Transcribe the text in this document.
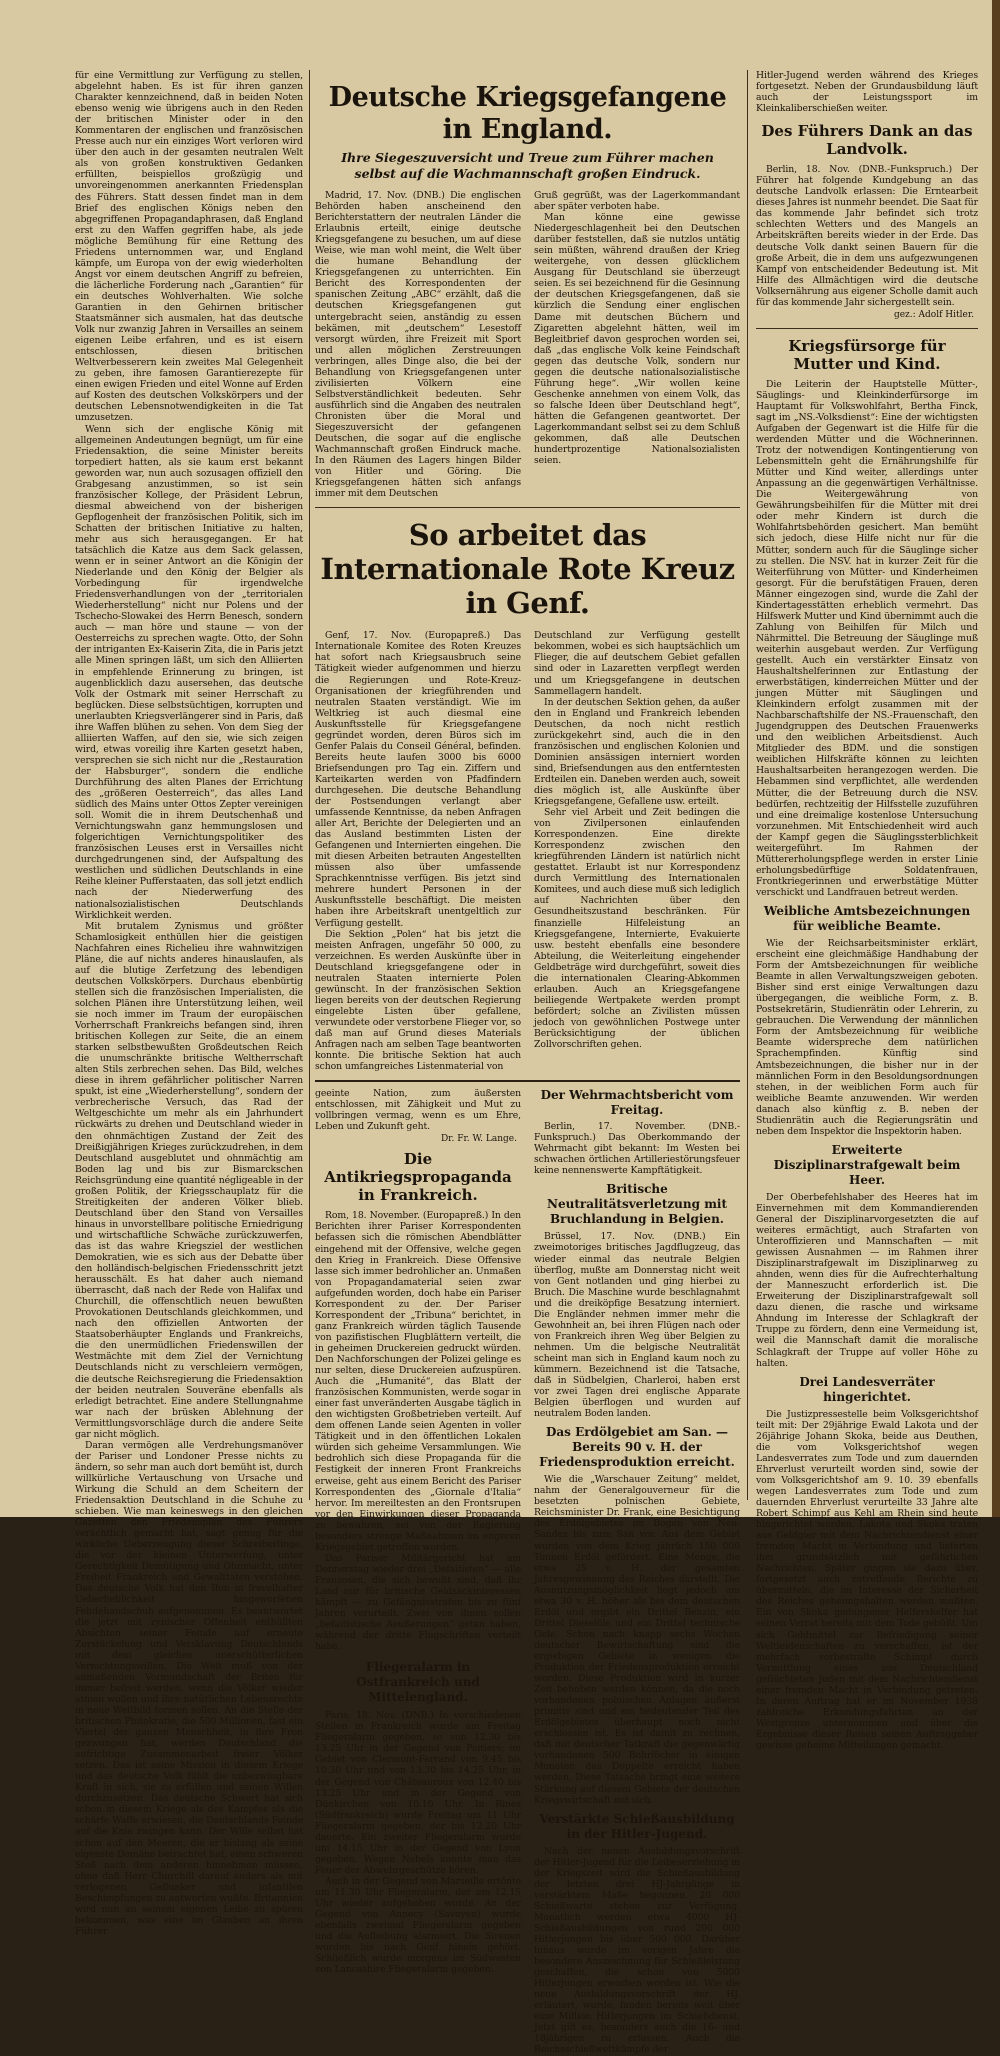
für eine Vermittlung zur Verfügung zu stellen, abgelehnt haben. Es ist für ihren ganzen Charakter kennzeichnend, daß in beiden Noten ebenso wenig wie übrigens auch in den Reden der britischen Minister oder in den Kommentaren der englischen und französischen Presse auch nur ein einziges Wort verloren wird über den auch in der gesamten neutralen Welt als von großen konstruktiven Gedanken erfüllten, beispiellos großzügig und unvoreingenommen anerkannten Friedensplan des Führers. Statt dessen findet man in dem Brief des englischen Königs neben den abgegriffenen Propagandaphrasen, daß England erst zu den Waffen gegriffen habe, als jede mögliche Bemühung für eine Rettung des Friedens unternommen war, und England kämpfe, um Europa von der ewig wiederholten Angst vor einem deutschen Angriff zu befreien, die lächerliche Forderung nach „Garantien“ für ein deutsches Wohlverhalten. Wie solche Garantien in den Gehirnen britischer Staatsmänner sich ausmalen, hat das deutsche Volk nur zwanzig Jahren in Versailles an seinem eigenen Leibe erfahren, und es ist eisern entschlossen, diesen britischen Weltverbesserern kein zweites Mal Gelegenheit zu geben, ihre famosen Garantierezepte für einen ewigen Frieden und eitel Wonne auf Erden auf Kosten des deutschen Volkskörpers und der deutschen Lebensnotwendigkeiten in die Tat umzusetzen.

Wenn sich der englische König mit allgemeinen Andeutungen begnügt, um für eine Friedensaktion, die seine Minister bereits torpediert hatten, als sie kaum erst bekannt geworden war, nun auch sozusagen offiziell den Grabgesang anzustimmen, so ist sein französischer Kollege, der Präsident Lebrun, diesmal abweichend von der bisherigen Gepflogenheit der französischen Politik, sich im Schatten der britischen Initiative zu halten, mehr aus sich herausgegangen. Er hat tatsächlich die Katze aus dem Sack gelassen, wenn er in seiner Antwort an die Königin der Niederlande und den König der Belgier als Vorbedingung für irgendwelche Friedensverhandlungen von der „territorialen Wiederherstellung“ nicht nur Polens und der Tschecho-Slowakei des Herrn Benesch, sondern auch — man höre und staune — von der Oesterreichs zu sprechen wagte. Otto, der Sohn der intriganten Ex-Kaiserin Zita, die in Paris jetzt alle Minen springen läßt, um sich den Alliierten in empfehlende Erinnerung zu bringen, ist augenblicklich dazu ausersehen, das deutsche Volk der Ostmark mit seiner Herrschaft zu beglücken. Diese selbstsüchtigen, korrupten und unerlaubten Kriegsverlängerer sind in Paris, daß ihre Waffen blühen zu sehen. Von dem Sieg der alliierten Waffen, auf den sie, wie sich zeigen wird, etwas voreilig ihre Karten gesetzt haben, versprechen sie sich nicht nur die „Restauration der Habsburger“, sondern die endliche Durchführung des alten Planes der Errichtung des „größeren Oesterreich“, das alles Land südlich des Mains unter Ottos Zepter vereinigen soll. Womit die in ihrem Deutschenhaß und Vernichtungswahn ganz hemmungslosen und folgerichtigen Vernichtungspolitiker des französischen Leuses erst in Versailles nicht durchgedrungenen sind, der Aufspaltung des westlichen und südlichen Deutschlands in eine Reihe kleiner Pufferstaaten, das soll jetzt endlich nach der Niederwerfung des nationalsozialistischen Deutschlands Wirklichkeit werden.

Mit brutalem Zynismus und größter Schamlosigkeit enthüllen hier die geistigen Nachfahren eines Richelieu ihre wahnwitzigen Pläne, die auf nichts anderes hinauslaufen, als auf die blutige Zerfetzung des lebendigen deutschen Volkskörpers. Durchaus ebenbürtig stellen sich die französischen Imperialisten, die solchen Plänen ihre Unterstützung leihen, weil sie noch immer im Traum der europäischen Vorherrschaft Frankreichs befangen sind, ihren britischen Kollegen zur Seite, die an einem starken selbstbewußten Großdeutschen Reich die unumschränkte britische Weltherrschaft alten Stils zerbrechen sehen. Das Bild, welches diese in ihrem gefährlicher politischer Narren spukt, ist eine „Wiederherstellung“, sondern der verbrecherische Versuch, das Rad der Weltgeschichte um mehr als ein Jahrhundert rückwärts zu drehen und Deutschland wieder in den ohnmächtigen Zustand der Zeit des Dreißigjährigen Krieges zurückzudrehen, in dem Deutschland ausgeblutet und ohnmächtig am Boden lag und bis zur Bismarckschen Reichsgründung eine quantité négligeable in der großen Politik, der Kriegsschauplatz für die Streitigkeiten der anderen Völker blieb. Deutschland über den Stand von Versailles hinaus in unvorstellbare politische Erniedrigung und wirtschaftliche Schwäche zurückzuwerfen, das ist das wahre Kriegsziel der westlichen Demokratien, wie es sich aus der Debatte über den holländisch-belgischen Friedensschritt jetzt herausschält. Es hat daher auch niemand überrascht, daß nach der Rede von Halifax und Churchill, die offenschtlich neuen bewußten Provokationen Deutschlands gleichkommen, und nach den offiziellen Antworten der Staatsoberhäupter Englands und Frankreichs, die den unermüdlichen Friedenswillen der Westmächte mit dem Ziel der Vernichtung Deutschlands nicht zu verschleiern vermögen, die deutsche Reichsregierung die Friedensaktion der beiden neutralen Souveräne ebenfalls als erledigt betrachtet. Eine andere Stellungnahme war nach der brüsken Ablehnung der Vermittlungsvorschläge durch die andere Seite gar nicht möglich.

Daran vermögen alle Verdrehungsmanöver der Pariser und Londoner Presse nichts zu ändern, so sehr man auch dort bemüht ist, durch willkürliche Vertauschung von Ursache und Wirkung die Schuld an dem Scheitern der Friedensaktion Deutschland in die Schuhe zu schieben. Wie man keineswegs in den gleichen Gazetten den Friedensplan des Führers verächtlich gemacht hat, sagt genug für die wirkliche Ueberzeugung dieser Schreiberlinge, die vor der kleinen Unterwerfung, unter Gerechtigkeit Demütigung und Ohnmacht, unter Freiheit Frankreich und Gewalttaten verstehen. Das deutsche Volk hat den Ihm in frevelhafter Ueberheblichkeit hingeworfenen Fehdehandschuh aufgenommen. Es beantwortet die jetzt mit zynischer Offenheit enthüllten Absichten seiner Feinde auf erneute Zerstückelung und Versklavung Deutschlands mit dem gleichen unerschütterlichen Vernichtungswillen. Die Welt muß von der anmaßenden Vormundschaft der Briten für immer befreit werden, wenn die Völker wieder atmen wollen und ihre natürlichen Lebensrechte in neue Weltbild formen sollen. An die Stelle der britischen Plutokratie, die 500 Millionen, fast ein Viertel der ganzen Menschheit, in ihre Fron gezwungen hat, werden Deutschland die aufrichtige Zusammenarbeit freier Völker setzen. Das ist seine Mission in diesem Kriege und das deutsche Volk fühlt die unbezwingbare Kraft in sich, sie zu erfüllen und seinen Willen durchzusetzen. Das deutsche Schwert hat sich schon in diesem Kriege als des Kampfes als die schärfe Waffe erwiesen, die Deutschlands Feinde auf die Knie zwingen kann. Der Wille selbst hat schon auf den Meeren, die er bislang als seine eigenste Domäne betrachtet hat, einen schweren Stoß nach dem anderen hinnehmen müssen, ohne daß Herr Churchill darauf anders als mit verlogenen Geflunker und infantilen Beschimpfungen zu antworten wußte. Britannien wird nun an seinem eigenen Leibe zu spüren bekommen, was eine im Glauben an ihren Führer

Deutsche Kriegsgefangene in England.
Ihre Siegeszuversicht und Treue zum Führer machen selbst auf die Wachmannschaft großen Eindruck.

Madrid, 17. Nov. (DNB.) Die englischen Behörden haben anscheinend den Berichterstattern der neutralen Länder die Erlaubnis erteilt, einige deutsche Kriegsgefangene zu besuchen, um auf diese Weise, wie man wohl meint, die Welt über die humane Behandlung der Kriegsgefangenen zu unterrichten. Ein Bericht des Korrespondenten der spanischen Zeitung „ABC“ erzählt, daß die deutschen Kriegsgefangenen gut untergebracht seien, anständig zu essen bekämen, mit „deutschem“ Lesestoff versorgt würden, ihre Freizeit mit Sport und allen möglichen Zerstreuungen verbringen, alles Dinge also, die bei der Behandlung von Kriegsgefangenen unter zivilisierten Völkern eine Selbstverständlichkeit bedeuten. Sehr ausführlich sind die Angaben des neutralen Chronisten über die Moral und Siegeszuversicht der gefangenen Deutschen, die sogar auf die englische Wachmannschaft großen Eindruck mache. In den Räumen des Lagers hingen Bilder von Hitler und Göring. Die Kriegsgefangenen hätten sich anfangs immer mit dem Deutschen

Gruß gegrüßt, was der Lagerkommandant aber später verboten habe.

Man könne eine gewisse Niedergeschlagenheit bei den Deutschen darüber feststellen, daß sie nutzlos untätig sein müßten, während draußen der Krieg weitergehe, von dessen glücklichem Ausgang für Deutschland sie überzeugt seien. Es sei bezeichnend für die Gesinnung der deutschen Kriegsgefangenen, daß sie kürzlich die Sendung einer englischen Dame mit deutschen Büchern und Zigaretten abgelehnt hätten, weil im Begleitbrief davon gesprochen worden sei, daß „das englische Volk keine Feindschaft gegen das deutsche Volk, sondern nur gegen die deutsche nationalsozialistische Führung hege“. „Wir wollen keine Geschenke annehmen von einem Volk, das so falsche Ideen über Deutschland hegt“, hätten die Gefangenen geantwortet. Der Lagerkommandant selbst sei zu dem Schluß gekommen, daß alle Deutschen hundertprozentige Nationalsozialisten seien.

So arbeitet das
Internationale Rote Kreuz in Genf.

Genf, 17. Nov. (Europapreß.) Das Internationale Komitee des Roten Kreuzes hat sofort nach Kriegsausbruch seine Tätigkeit wieder aufgenommen und hierzu die Regierungen und Rote-Kreuz-Organisationen der kriegführenden und neutralen Staaten verständigt. Wie im Weltkrieg ist auch diesmal eine Auskunftsstelle für Kriegsgefangene gegründet worden, deren Büros sich im Genfer Palais du Conseil Général, befinden. Bereits heute laufen 3000 bis 6000 Briefsendungen pro Tag ein. Ziffern und Karteikarten werden von Pfadfindern durchgesehen. Die deutsche Behandlung der Postsendungen verlangt aber umfassende Kenntnisse, da neben Anfragen aller Art, Berichte der Delegierten und an das Ausland bestimmten Listen der Gefangenen und Internierten eingehen. Die mit diesen Arbeiten betrauten Angestellten müssen also über umfassende Sprachkenntnisse verfügen. Bis jetzt sind mehrere hundert Personen in der Auskunftsstelle beschäftigt. Die meisten haben ihre Arbeitskraft unentgeltlich zur Verfügung gestellt.

Die Sektion „Polen“ hat bis jetzt die meisten Anfragen, ungefähr 50 000, zu verzeichnen. Es werden Auskünfte über in Deutschland kriegsgefangene oder in neutralen Staaten internierte Polen gewünscht. In der französischen Sektion liegen bereits von der deutschen Regierung eingelebte Listen über gefallene, verwundete oder verstorbene Flieger vor, so daß man auf Grund dieses Materials Anfragen nach am selben Tage beantworten konnte. Die britische Sektion hat auch schon umfangreiches Listenmaterial von

Deutschland zur Verfügung gestellt bekommen, wobei es sich hauptsächlich um Flieger, die auf deutschem Gebiet gefallen sind oder in Lazaretten verpflegt werden und um Kriegsgefangene in deutschen Sammellagern handelt.

In der deutschen Sektion gehen, da außer den in England und Frankreich lebenden Deutschen, da noch nicht restlich zurückgekehrt sind, auch die in den französischen und englischen Kolonien und Dominien ansässigen interniert worden sind, Briefsendungen aus den entferntesten Erdteilen ein. Daneben werden auch, soweit dies möglich ist, alle Auskünfte über Kriegsgefangene, Gefallene usw. erteilt.

Sehr viel Arbeit und Zeit bedingen die von Zivilpersonen einlaufenden Korrespondenzen. Eine direkte Korrespondenz zwischen den kriegführenden Ländern ist natürlich nicht gestattet. Erlaubt ist nur Korrespondenz durch Vermittlung des Internationalen Komitees, und auch diese muß sich lediglich auf Nachrichten über den Gesundheitszustand beschränken. Für finanzielle Hilfeleistung an Kriegsgefangene, Internierte, Evakuierte usw. besteht ebenfalls eine besondere Abteilung, die Weiterleitung eingehender Geldbeträge wird durchgeführt, soweit dies die internationalen Clearing-Abkommen erlauben. Auch an Kriegsgefangene beiliegende Wertpakete werden prompt befördert; solche an Zivilisten müssen jedoch von gewöhnlichen Postwege unter Berücksichtigung der üblichen Zollvorschriften gehen.

geeinte Nation, zum äußersten entschlossen, mit Zähigkeit und Mut zu vollbringen vermag, wenn es um Ehre, Leben und Zukunft geht.

Dr. Fr. W. Lange.
Die Antikriegspropaganda in Frankreich.

Rom, 18. November. (Europapreß.) In den Berichten ihrer Pariser Korrespondenten befassen sich die römischen Abendblätter eingehend mit der Offensive, welche gegen den Krieg in Frankreich. Diese Offensive lasse sich immer bedrohlicher an. Unmaßen von Propagandamaterial seien zwar aufgefunden worden, doch habe ein Pariser Korrespondent zu der. Der Pariser Korrespondent der „Tribuna“ berichtet, in ganz Frankreich würden täglich Tausende von pazifistischen Flugblättern verteilt, die in geheimen Druckereien gedruckt würden. Den Nachforschungen der Polizei gelinge es nur selten, diese Druckereien aufzuspüren. Auch die „Humanité“, das Blatt der französischen Kommunisten, werde sogar in einer fast unveränderten Ausgabe täglich in den wichtigsten Großbetrieben verteilt. Auf dem offenen Lande seien Agenten in voller Tätigkeit und in den öffentlichen Lokalen würden sich geheime Versammlungen. Wie bedrohlich sich diese Propaganda für die Festigkeit der inneren Front Frankreichs erweise, geht aus einem Bericht des Pariser Korrespondenten des „Giornale d'Italia“ hervor. Im mereiltesten an den Frontsrupen vor den Einwirkungen dieser Propaganda zu bewahren, sei von der Regierung besonders strenge Maßnahmen im engeren Kriegsgebiet getroffen worden.

Das Pariser Militärgericht hat am Donnerstag wieder drei „Defaitisten“ — alle Franzosen, die sich bewußt sind, daß ihr Land nur für britische Geldsackinteressen kämpft — zu Gefängnisstrafen bis zu fünf Jahren verurteilt. Zwei von ihnen sollen „befaitistische Aeußerungen“ getan haben, während der dritte Flugschriften verteilt habe.

Fliegeralarm in Ostfrankreich und Mittelengland.

Paris, 18. Nov. (DNB.) In verschiedenen Stellen in Frankreich wurde am Freitag Fliegeralarm gegeben, so von 12.30 bis 13.25 Uhr in der Gegend von Poitiers; im Gebiet von Clermont-Ferrand von 9.45 bis 10.30 Uhr und von 13.30 bis 14.25 Uhr, in der Gegend von Châteauroux von 12.40 bis 13.25 Uhr und in der Gegend von Dünkirchen von 10.10 Uhr. In Rines (Südfrankreich) wurde Freitag um 11 Uhr Fliegeralarm gegeben, der bis 12.20 Uhr dauerte. Ein zweiter Fliegeralarm wurde um 14.15 Uhr in der Gegend von Lyon gegeben. Wegen Nebels konnte man das Feuer der Abwehrgeschütze hören.

Auch in der Gegend von Marseille ertönte um 11.30 Uhr Fliegeralarm, der um 12.15 Uhr wieder aufgehoben wurde. An der Gegend von Annecy (Savoyen) wurde ebenfalls zweimal Fliegeralarm gegeben und die Aufhebung alarmiert. Die Sirenen wurden bis nach Genf hinein gehört. Schließlich wurde morgens im Südwesten von Lancashire Fliegeralarm gegeben.

Der Wehrmachtsbericht vom Freitag.

Berlin, 17. November. (DNB.-Funkspruch.) Das Oberkommando der Wehrmacht gibt bekannt: Im Westen bei schwachen örtlichen Artilleriestörungsfeuer keine nennenswerte Kampftätigkeit.

Britische Neutralitätsverletzung mit Bruchlandung in Belgien.

Brüssel, 17. Nov. (DNB.) Ein zweimotoriges britisches Jagdflugzeug, das wieder einmal das neutrale Belgien überflog, mußte am Donnerstag nicht weit von Gent notlanden und ging hierbei zu Bruch. Die Maschine wurde beschlagnahmt und die dreiköpfige Besatzung interniert. Die Engländer nehmen immer mehr die Gewohnheit an, bei ihren Flügen nach oder von Frankreich ihren Weg über Belgien zu nehmen. Um die belgische Neutralität scheint man sich in England kaum noch zu kümmern. Bezeichnend ist die Tatsache, daß in Südbelgien, Charleroi, haben erst vor zwei Tagen drei englische Apparate Belgien überflogen und wurden auf neutralem Boden landen.

Das Erdölgebiet am San. — Bereits 90 v. H. der Friedensproduktion erreicht.

Wie die „Warschauer Zeitung“ meldet, nahm der Generalgouverneur für die besetzten polnischen Gebiete, Reichsminister Dr. Frank, eine Besichtigung des Erdölgebietes im Bogen von Neu-Sandez bis zum San vor. Aus dem Gebiet wurden von dem Krieg jährlich 150 000 Tonnen Erdöl gefördert. Eine Menge, die etwa 25 v. H. der gesamten Jahresgewinnung des Reiches darstellt. Die Ausnutzungsmöglichkeit liegt jedoch um etwa 30 v. H. höher als bei dem deutschen Erdöl und ergibt ein Drittel Benzin, ein Drittel Dieselöle und ein Drittel technische Oele. Schon nach knapp sechs Wochen deutscher Bewirtschaftung sind die ergiebigen Gebiete in wenigen die Produktion der Friedensproduktion erreicht worden. Diese Produktion wird in kurzer Zeit behoben werden können, da die noch vorhandenen polnischen Anlagen äußerst primitiv sind und ein bedeutender Teil des Erdölgebietes überhaupt noch nicht erschlossen ist. Es ist damit zu rechnen, daß mit deutscher Tatkraft die gegenwärtig vorhandenen 500 Bohrlöcher in einigen Monaten das Doppelte erreicht haben werden. Diese Tatsache bringt eine weitere Stärkung auf diesem Gebiete der deutschen Kriegswirtschaft mit sich.

Verstärkte Schießausbildung in der Hitler-Jugend.

Nach der neuen Ausbildungsvorschrift der Hitler-Jugend für die Leibeserziehung in der Kriegszeit wird die Schießausbildung der letzten drei HJ-Jahrgänge in verstärktem Maße begonnen. 20 000 Schießwarte stehen zur Verfügung. Monatlich werden etwa 4000 HJ-Schießausbildungen von rund 200 000 Hitlerjungen bis über 500 000. Darüber hinaus wurde im vorigen Jahre die besondere Auszeichnung für Schießleistung geschaffen, die schon von 5000 Hitlerjungen erworben worden ist. Wie die neue Ausbildungsvorschrift der HJ. erläutert, wurde, fanden bereits weit über eine Million Hitlerjungen im Schießdienst. Jetzt gilt es, besonders auch die 16- und 18jährigen zu erfassen. Auch die Reichsschießwettkämpfe der

Hitler-Jugend werden während des Krieges fortgesetzt. Neben der Grundausbildung läuft auch der Leistungssport im Kleinkaliberschießen weiter.

Des Führers Dank an das Landvolk.

Berlin, 18. Nov. (DNB.-Funkspruch.) Der Führer hat folgende Kundgebung an das deutsche Landvolk erlassen: Die Erntearbeit dieses Jahres ist nunmehr beendet. Die Saat für das kommende Jahr befindet sich trotz schlechten Wetters und des Mangels an Arbeitskräften bereits wieder in der Erde. Das deutsche Volk dankt seinen Bauern für die große Arbeit, die in dem uns aufgezwungenen Kampf von entscheidender Bedeutung ist. Mit Hilfe des Allmächtigen wird die deutsche Volksernährung aus eigener Scholle damit auch für das kommende Jahr sichergestellt sein.

gez.: Adolf Hitler.
Kriegsfürsorge für Mutter und Kind.

Die Leiterin der Hauptstelle Mütter-, Säuglings- und Kleinkinderfürsorge im Hauptamt für Volkswohlfahrt, Bertha Finck, sagt im „NS.-Volksdienst“: Eine der wichtigsten Aufgaben der Gegenwart ist die Hilfe für die werdenden Mütter und die Wöchnerinnen. Trotz der notwendigen Kontingentierung von Lebensmitteln geht die Ernährungshilfe für Mütter und Kind weiter, allerdings unter Anpassung an die gegenwärtigen Verhältnisse. Die Weitergewährung von Gewährungsbeihilfen für die Mütter mit drei oder mehr Kindern ist durch die Wohlfahrtsbehörden gesichert. Man bemüht sich jedoch, diese Hilfe nicht nur für die Mütter, sondern auch für die Säuglinge sicher zu stellen. Die NSV. hat in kurzer Zeit für die Weiterführung von Mütter- und Kinderheimen gesorgt. Für die berufstätigen Frauen, deren Männer eingezogen sind, wurde die Zahl der Kindertagesstätten erheblich vermehrt. Das Hilfswerk Mutter und Kind übernimmt auch die Zahlung von Beihilfen für Milch und Nährmittel. Die Betreuung der Säuglinge muß weiterhin ausgebaut werden. Zur Verfügung gestellt. Auch ein verstärkter Einsatz von Haushaltshelferinnen zur Entlastung der erwerbstätigen, kinderreichen Mütter und der jungen Mütter mit Säuglingen und Kleinkindern erfolgt zusammen mit der Nachbarschaftshilfe der NS.-Frauenschaft, den Jugendgruppen des Deutschen Frauenwerks und den weiblichen Arbeitsdienst. Auch Mitglieder des BDM. und die sonstigen weiblichen Hilfskräfte können zu leichten Haushaltsarbeiten herangezogen werden. Die Hebammen sind verpflichtet, alle werdenden Mütter, die der Betreuung durch die NSV. bedürfen, rechtzeitig der Hilfsstelle zuzuführen und eine dreimalige kostenlose Untersuchung vorzunehmen. Mit Entschiedenheit wird auch der Kampf gegen die Säuglingssterblichkeit weitergeführt. Im Rahmen der Müttererholungspflege werden in erster Linie erholungsbedürftige Soldatenfrauen, Frontkriegerinnen und erwerbstätige Mütter verschickt und Landfrauen betreut werden.

Weibliche Amtsbezeichnungen für weibliche Beamte.

Wie der Reichsarbeitsminister erklärt, erscheint eine gleichmäßige Handhabung der Form der Amtsbezeichnungen für weibliche Beamte in allen Verwaltungszweigen geboten. Bisher sind erst einige Verwaltungen dazu übergegangen, die weibliche Form, z. B. Postsekretärin, Studienrätin oder Lehrerin, zu gebrauchen. Die Verwendung der männlichen Form der Amtsbezeichnung für weibliche Beamte widerspreche dem natürlichen Sprachempfinden. Künftig sind Amtsbezeichnungen, die bisher nur in der männlichen Form in den Besoldungsordnungen stehen, in der weiblichen Form auch für weibliche Beamte anzuwenden. Wir werden danach also künftig z. B. neben der Studienrätin auch die Regierungsrätin und neben dem Inspektor die Inspektorin haben.

Erweiterte Disziplinarstrafgewalt beim Heer.

Der Oberbefehlshaber des Heeres hat im Einvernehmen mit dem Kommandierenden General der Disziplinarvorgesetzten die auf weiteres ermächtigt, auch Strafarten von Unteroffizieren und Mannschaften — mit gewissen Ausnahmen — im Rahmen ihrer Disziplinarstrafgewalt im Disziplinarweg zu ahnden, wenn dies für die Aufrechterhaltung der Manneszucht erforderlich ist. Die Erweiterung der Disziplinarstrafgewalt soll dazu dienen, die rasche und wirksame Ahndung im Interesse der Schlagkraft der Truppe zu fördern, denn eine Vermeidung ist, weil die Mannschaft damit die moralische Schlagkraft der Truppe auf voller Höhe zu halten.

Drei Landesverräter hingerichtet.

Die Justizpressestelle beim Volksgerichtshof teilt mit: Der 29jährige Ewald Lakota und der 26jährige Johann Skoka, beide aus Deuthen, die vom Volksgerichtshof wegen Landesverrates zum Tode und zum dauernden Ehrverlust verurteilt worden sind, sowie der vom Volksgerichtshof am 9. 10. 39 ebenfalls wegen Landesverrates zum Tode und zum dauernden Ehrverlust verurteilte 33 Jahre alte Robert Schimpf aus Kehl am Rhein sind heute hingerichtet worden. Lakota und Skoka traten aus Geldgier mit dem Nachrichtendienst einer fremden Macht in Verbindung und lieferten ihm grundsätzlich mit gefährlichen Nachrichten. Später gingen sie dazu über, fortgesetzt auch zutreffende Berichte zu übermitteln, die im Interesse der Sicherheit des Reiches geheimgehalten werden mußten. Ein von Skoka gedungener Helfershelfer hat seinen Verrat bereits mit dem Tode gebüßt. Um sich Geldmittel zur Befriedigung seiner Weltleidenschaften zu verschaffen, ist der mehrfach vorbestrafte Schimpf durch Vermittlung eines aus Deutschland geflüchteten Juden mit dem Nachrichtendienst einer fremden Macht in Verbindung getreten. In deren Auftrag hat er im November 1938 zahlreiche Erkundungsfahrten an der Westgrenze unternommen und über die Ergebnisse dieser Reisen seinen Auftraggeber gewisse geheime Mitteilungen gemacht.
